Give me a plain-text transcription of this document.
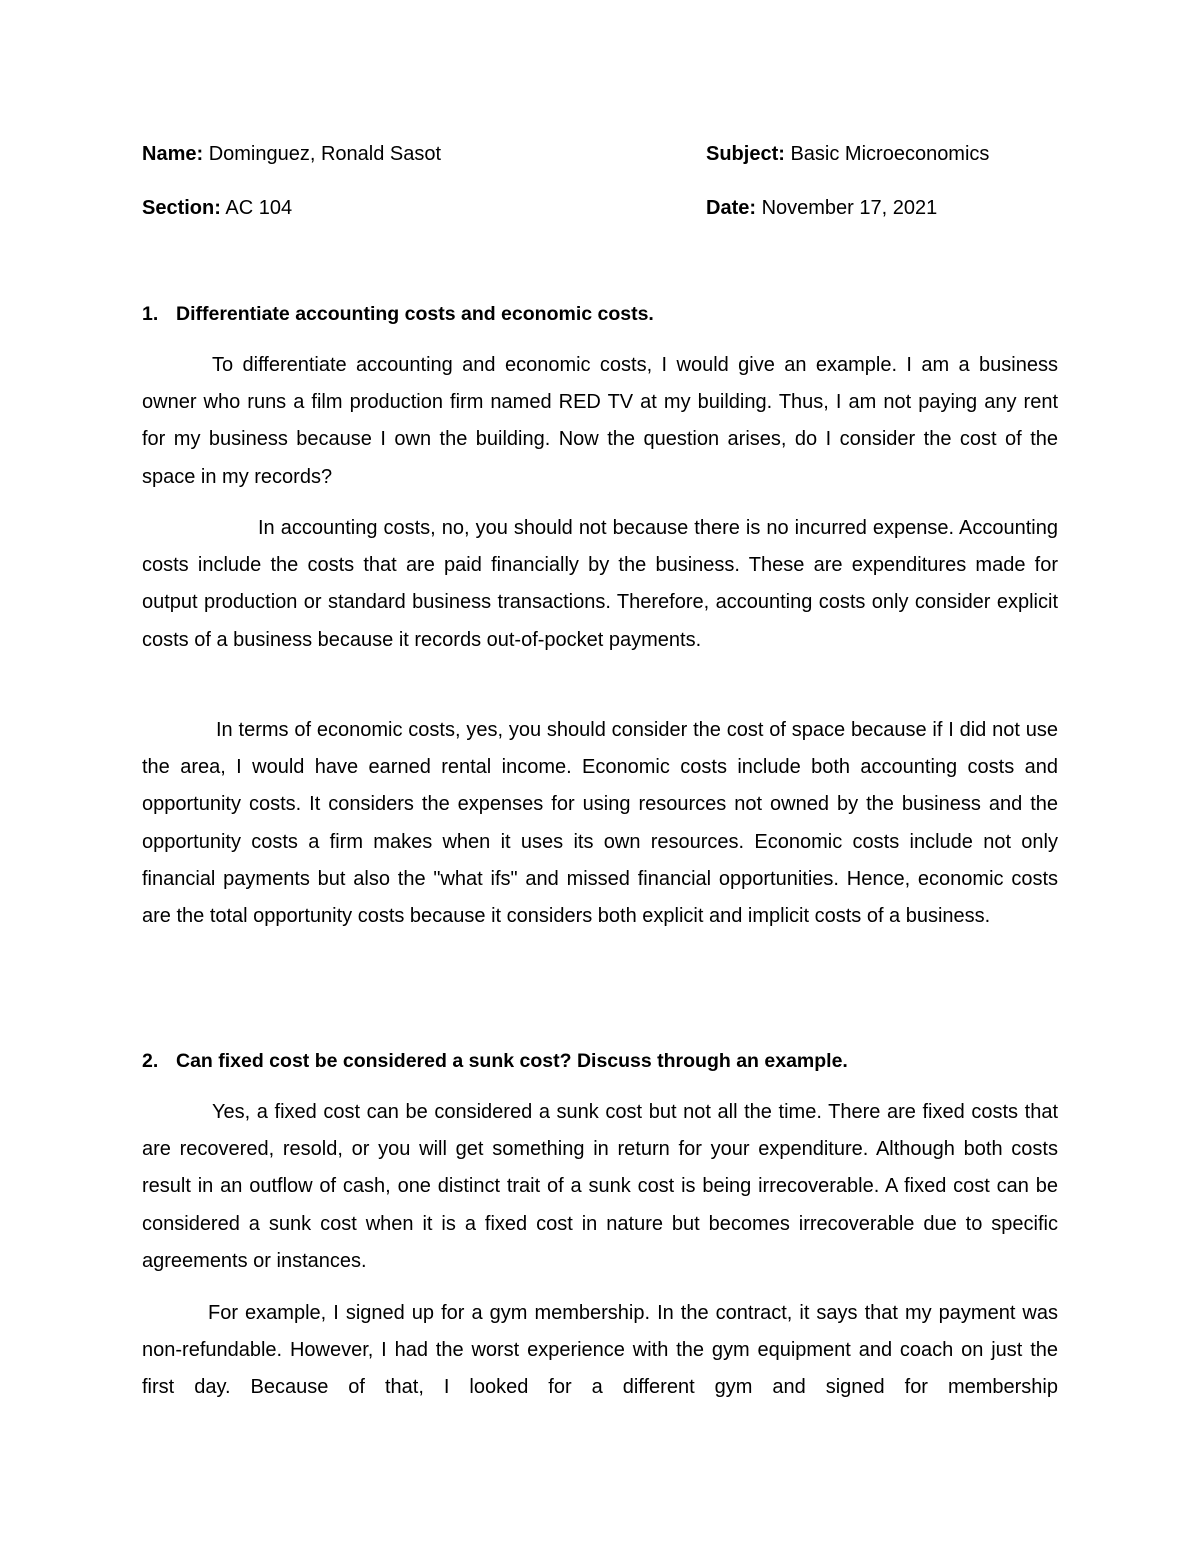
Name: Dominguez, Ronald Sasot	Subject: Basic Microeconomics
Section: AC 104	Date: November 17, 2021
1. Differentiate accounting costs and economic costs.

To differentiate accounting and economic costs, I would give an example. I am a business owner who runs a film production firm named RED TV at my building. Thus, I am not paying any rent for my business because I own the building. Now the question arises, do I consider the cost of the space in my records?

In accounting costs, no, you should not because there is no incurred expense. Accounting costs include the costs that are paid financially by the business. These are expenditures made for output production or standard business transactions. Therefore, accounting costs only consider explicit costs of a business because it records out-of-pocket payments.

In terms of economic costs, yes, you should consider the cost of space because if I did not use the area, I would have earned rental income. Economic costs include both accounting costs and opportunity costs. It considers the expenses for using resources not owned by the business and the opportunity costs a firm makes when it uses its own resources. Economic costs include not only financial payments but also the "what ifs" and missed financial opportunities. Hence, economic costs are the total opportunity costs because it considers both explicit and implicit costs of a business.

2. Can fixed cost be considered a sunk cost? Discuss through an example.

Yes, a fixed cost can be considered a sunk cost but not all the time. There are fixed costs that are recovered, resold, or you will get something in return for your expenditure. Although both costs result in an outflow of cash, one distinct trait of a sunk cost is being irrecoverable. A fixed cost can be considered a sunk cost when it is a fixed cost in nature but becomes irrecoverable due to specific agreements or instances.

For example, I signed up for a gym membership. In the contract, it says that my payment was non-refundable. However, I had the worst experience with the gym equipment and coach on just the first day. Because of that, I looked for a different gym and signed for membership
